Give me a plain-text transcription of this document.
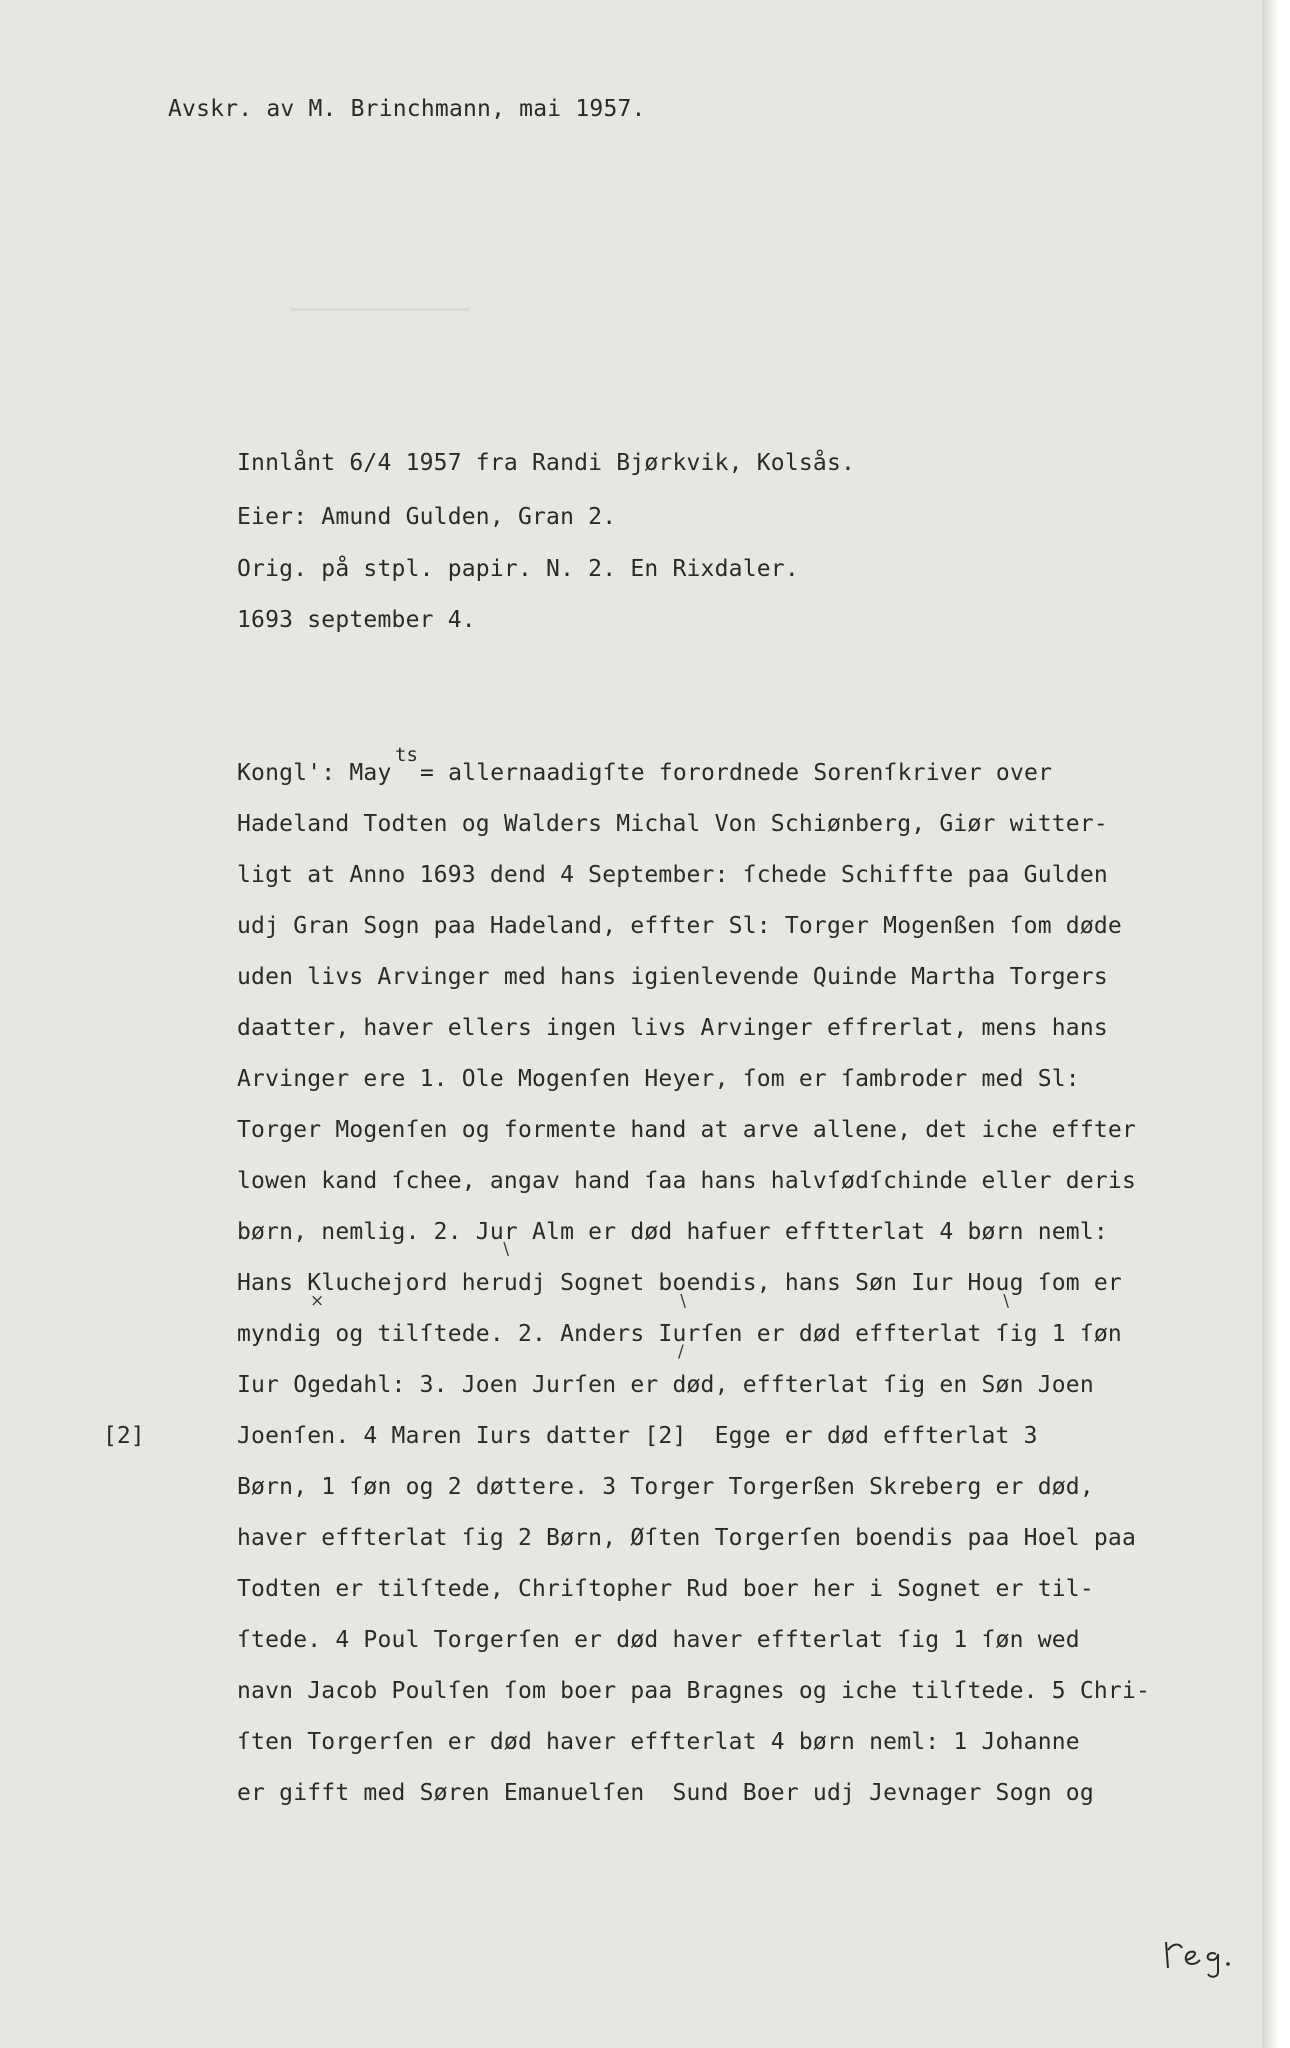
Avskr. av M. Brinchmann, mai 1957.
Innlånt 6/4 1957 fra Randi Bjørkvik, Kolsås.
Eier: Amund Gulden, Gran 2.
Orig. på stpl. papir. N. 2. En Rixdaler.
1693 september 4.
Kongl': May
ts
= allernaadigſte forordnede Sorenſkriver over
Hadeland Todten og Walders Michal Von Schiønberg, Giør witter-
ligt at Anno 1693 dend 4 September: ſchede Schiffte paa Gulden
udj Gran Sogn paa Hadeland, effter Sl: Torger Mogenßen ſom døde
uden livs Arvinger med hans igienlevende Quinde Martha Torgers
daatter, haver ellers ingen livs Arvinger effrerlat, mens hans
Arvinger ere 1. Ole Mogenſen Heyer, ſom er ſambroder med Sl:
Torger Mogenſen og formente hand at arve allene, det iche effter
lowen kand ſchee, angav hand ſaa hans halvſødſchinde eller deris
børn, nemlig. 2. Jur Alm er død hafuer efftterlat 4 børn neml:
Hans Kluchejord herudj Sognet boendis, hans Søn Iur Houg ſom er
myndig og tilſtede. 2. Anders Iurſen er død effterlat ſig 1 ſøn
Iur Ogedahl: 3. Joen Jurſen er død, effterlat ſig en Søn Joen
Joenſen. 4 Maren Iurs datter [2]  Egge er død effterlat 3
Børn, 1 ſøn og 2 døttere. 3 Torger Torgerßen Skreberg er død,
haver effterlat ſig 2 Børn, Øſten Torgerſen boendis paa Hoel paa
Todten er tilſtede, Chriſtopher Rud boer her i Sognet er til-
ſtede. 4 Poul Torgerſen er død haver effterlat ſig 1 ſøn wed
navn Jacob Poulſen ſom boer paa Bragnes og iche tilſtede. 5 Chri-
ſten Torgerſen er død haver effterlat 4 børn neml: 1 Johanne
er gifft med Søren Emanuelſen  Sund Boer udj Jevnager Sogn og
[2]
∖
×	∖	∖
∕
